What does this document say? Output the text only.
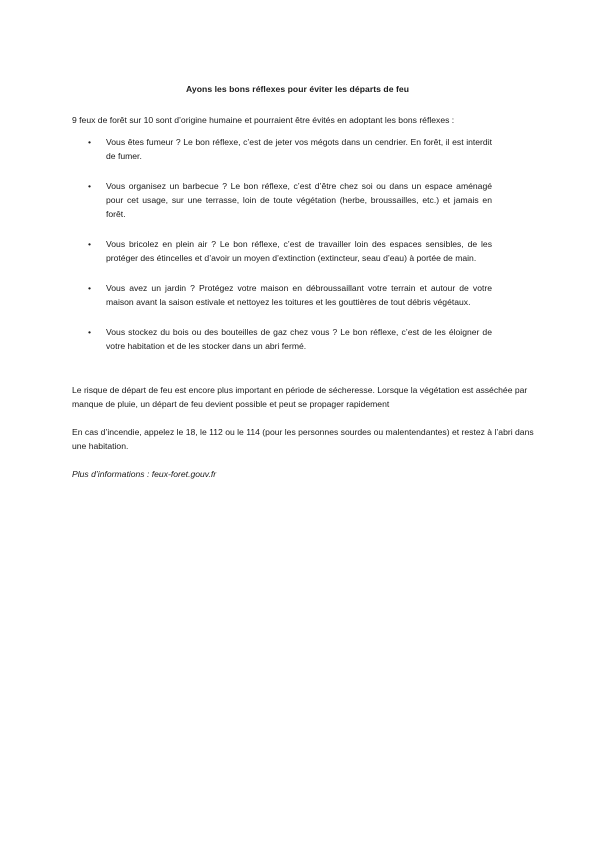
Ayons les bons réflexes pour éviter les départs de feu
9 feux de forêt sur 10 sont d’origine humaine et pourraient être évités en adoptant les bons réflexes :
• Vous êtes fumeur ? Le bon réflexe, c’est de jeter vos mégots dans un cendrier. En forêt, il est interdit de fumer.
• Vous organisez un barbecue ? Le bon réflexe, c’est d’être chez soi ou dans un espace aménagé pour cet usage, sur une terrasse, loin de toute végétation (herbe, broussailles, etc.) et jamais en forêt.
• Vous bricolez en plein air ? Le bon réflexe, c’est de travailler loin des espaces sensibles, de les protéger des étincelles et d’avoir un moyen d’extinction (extincteur, seau d’eau) à portée de main.
• Vous avez un jardin ? Protégez votre maison en débroussaillant votre terrain et autour de votre maison avant la saison estivale et nettoyez les toitures et les gouttières de tout débris végétaux.
• Vous stockez du bois ou des bouteilles de gaz chez vous ? Le bon réflexe, c’est de les éloigner de votre habitation et de les stocker dans un abri fermé.

Le risque de départ de feu est encore plus important en période de sécheresse. Lorsque la végétation est asséchée par manque de pluie, un départ de feu devient possible et peut se propager rapidement

En cas d’incendie, appelez le 18, le 112 ou le 114 (pour les personnes sourdes ou malentendantes) et restez à l’abri dans une habitation.

Plus d’informations : feux-foret.gouv.fr
